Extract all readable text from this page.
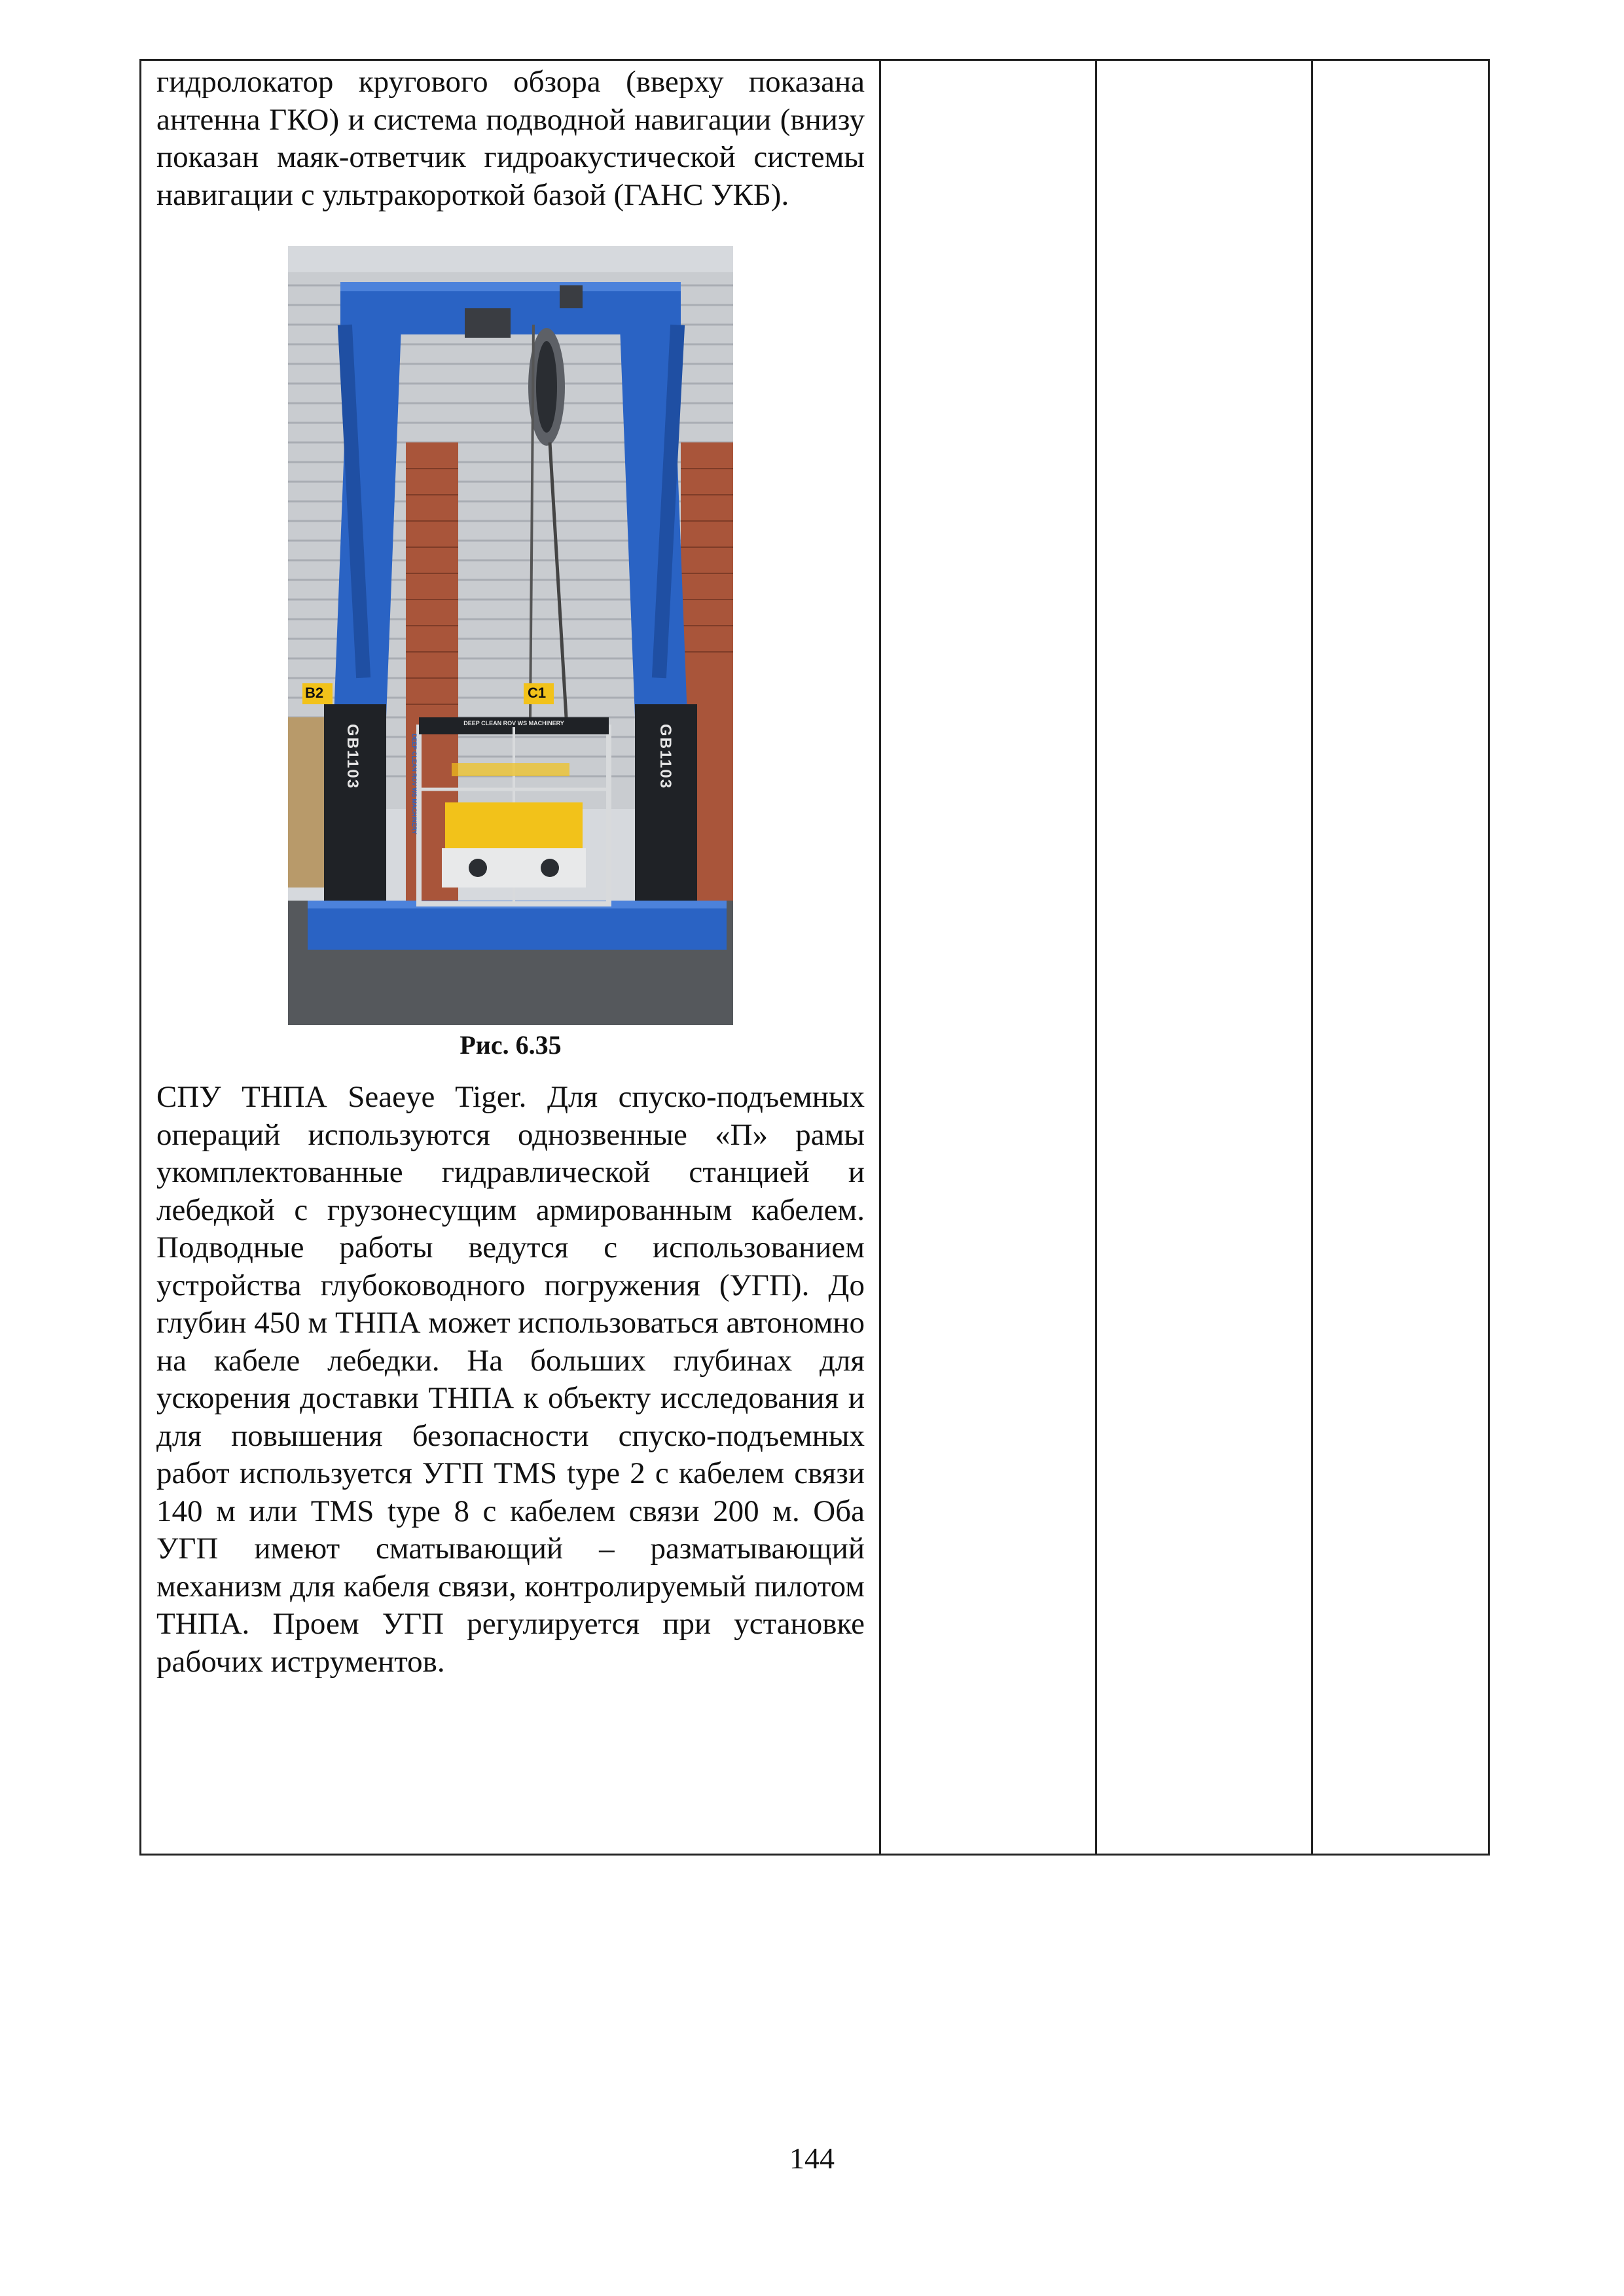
гидролокатор кругового обзора (вверху показана антенна ГКО) и система подводной навигации (внизу показан маяк-ответчик гидроакустической системы навигации с ультракороткой базой (ГАНС УКБ).

B2	C1
GB1103	GB1103
DEEP CLEAN ROV WS MACHINERY
DEEP CLEAN ROV WS MACHINERY
Рис. 6.35

СПУ ТНПА Seaeye Tiger. Для спуско-подъемных операций используются однозвенные «П» рамы укомплектованные гидравлической станцией и лебедкой с грузонесущим армированным кабелем. Подводные работы ведутся с использованием устройства глубоководного погружения (УГП). До глубин 450 м ТНПА может использоваться автономно на кабеле лебедки. На больших глубинах для ускорения доставки ТНПА к объекту исследования и для повышения безопасности спуско-подъемных работ используется УГП TMS type 2 с кабелем связи 140 м или TMS type 8 с кабелем связи 200 м. Оба УГП имеют сматывающий – разматывающий механизм для кабеля связи, контролируемый пилотом ТНПА. Проем УГП регулируется при установке рабочих иструментов.

144
